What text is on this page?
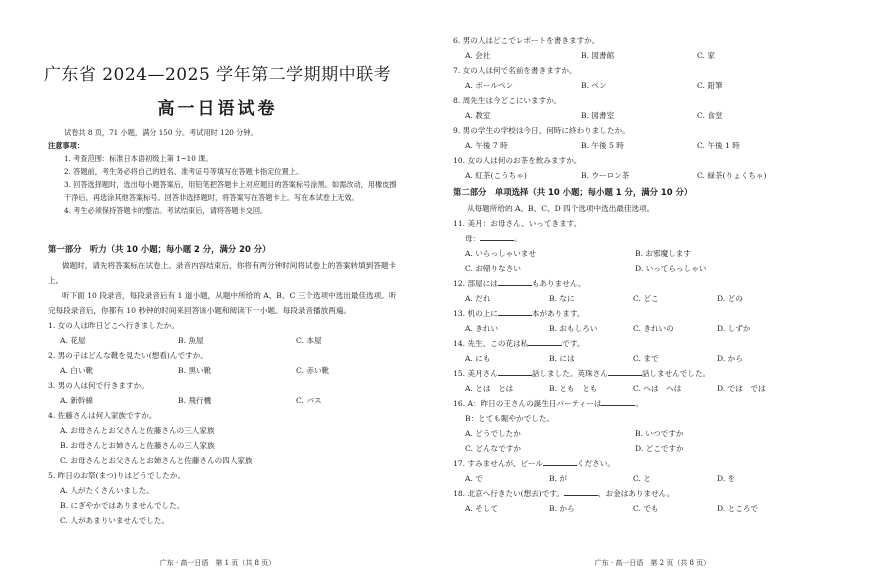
广东省 2024—2025 学年第二学期期中联考
高一日语试卷
试卷共 8 页，71 小题，满分 150 分。考试用时 120 分钟。
注意事项：
1. 考查范围：标准日本语初级上第 1~10 课。
2. 答题前，考生务必将自己的姓名、准考证号等填写在答题卡指定位置上。
3. 回答选择题时，选出每小题答案后，用铅笔把答题卡上对应题目的答案标号涂黑。如需改动，用橡皮擦干净后，再选涂其他答案标号。回答非选择题时，将答案写在答题卡上。写在本试卷上无效。
4. 考生必须保持答题卡的整洁。考试结束后，请将答题卡交回。
第一部分　听力（共 10 小题；每小题 2 分，满分 20 分）
做题时，请先将答案标在试卷上。录音内容结束后，你将有两分钟时间将试卷上的答案转填到答题卡上。
听下面 10 段录音，每段录音后有 1 道小题，从题中所给的 A、B、C 三个选项中选出最佳选项。听完每段录音后，你都有 10 秒钟的时间来回答该小题和阅读下一小题。每段录音播放两遍。
1. 女の人は昨日どこへ行きましたか。
A. 花屋	B. 魚屋	C. 本屋
2. 男の子はどんな靴を見たい(想看)んですか。
A. 白い靴	B. 黒い靴	C. 赤い靴
3. 男の人は何で行きますか。
A. 新幹線	B. 飛行機	C. バス
4. 佐藤さんは何人家族ですか。
A. お母さんとお父さんと佐藤さんの三人家族
B. お母さんとお姉さんと佐藤さんの三人家族
C. お母さんとお父さんとお姉さんと佐藤さんの四人家族
5. 昨日のお祭(まつ)りはどうでしたか。
A. 人がたくさんいました。
B. にぎやかではありませんでした。
C. 人があまりいませんでした。
广东 · 高一日语　第 1 页（共 8 页）
6. 男の人はどこでレポートを書きますか。
A. 会社	B. 図書館	C. 家
7. 女の人は何で名前を書きますか。
A. ボールペン	B. ペン	C. 鉛筆
8. 周先生は今どこにいますか。
A. 教室	B. 図書室	C. 食堂
9. 男の学生の学校は今日、何時に終わりましたか。
A. 午後 7 時	B. 午後 5 時	C. 午後 1 時
10. 女の人は何のお茶を飲みますか。
A. 紅茶(こうちゃ)	B. ウーロン茶	C. 緑茶(りょくちゃ)
第二部分　单项选择（共 10 小题；每小题 1 分，满分 10 分）
从每题所给的 A、B、C、D 四个选项中选出最佳选项。
11. 美月：お母さん、いってきます。
母：	。
A. いらっしゃいませ	B. お邪魔します
C. お帰りなさい	D. いってらっしゃい
12. 部屋には	もありません。
A. だれ	B. なに	C. どこ	D. どの
13. 机の上に	本があります。
A. きれい	B. おもしろい	C. きれいの	D. しずか
14. 先生、この花は私	です。
A. にも	B. には	C. まで	D. から
15. 美月さん	話しました。英珠さん	話しませんでした。
A. とは　とは	B. とも　とも	C. へは　へは	D. では　では
16. A：昨日の王さんの誕生日パーティーは	。
B：とても賑やかでした。
A. どうでしたか	B. いつですか
C. どんなですか	D. どこですか
17. すみませんが、ビール	ください。
A. で	B. が	C. と	D. を
18. 北京へ行きたい(想去)です。	、お金はありません。
A. そして	B. から	C. でも	D. ところで
广东 · 高一日语　第 2 页（共 8 页）
